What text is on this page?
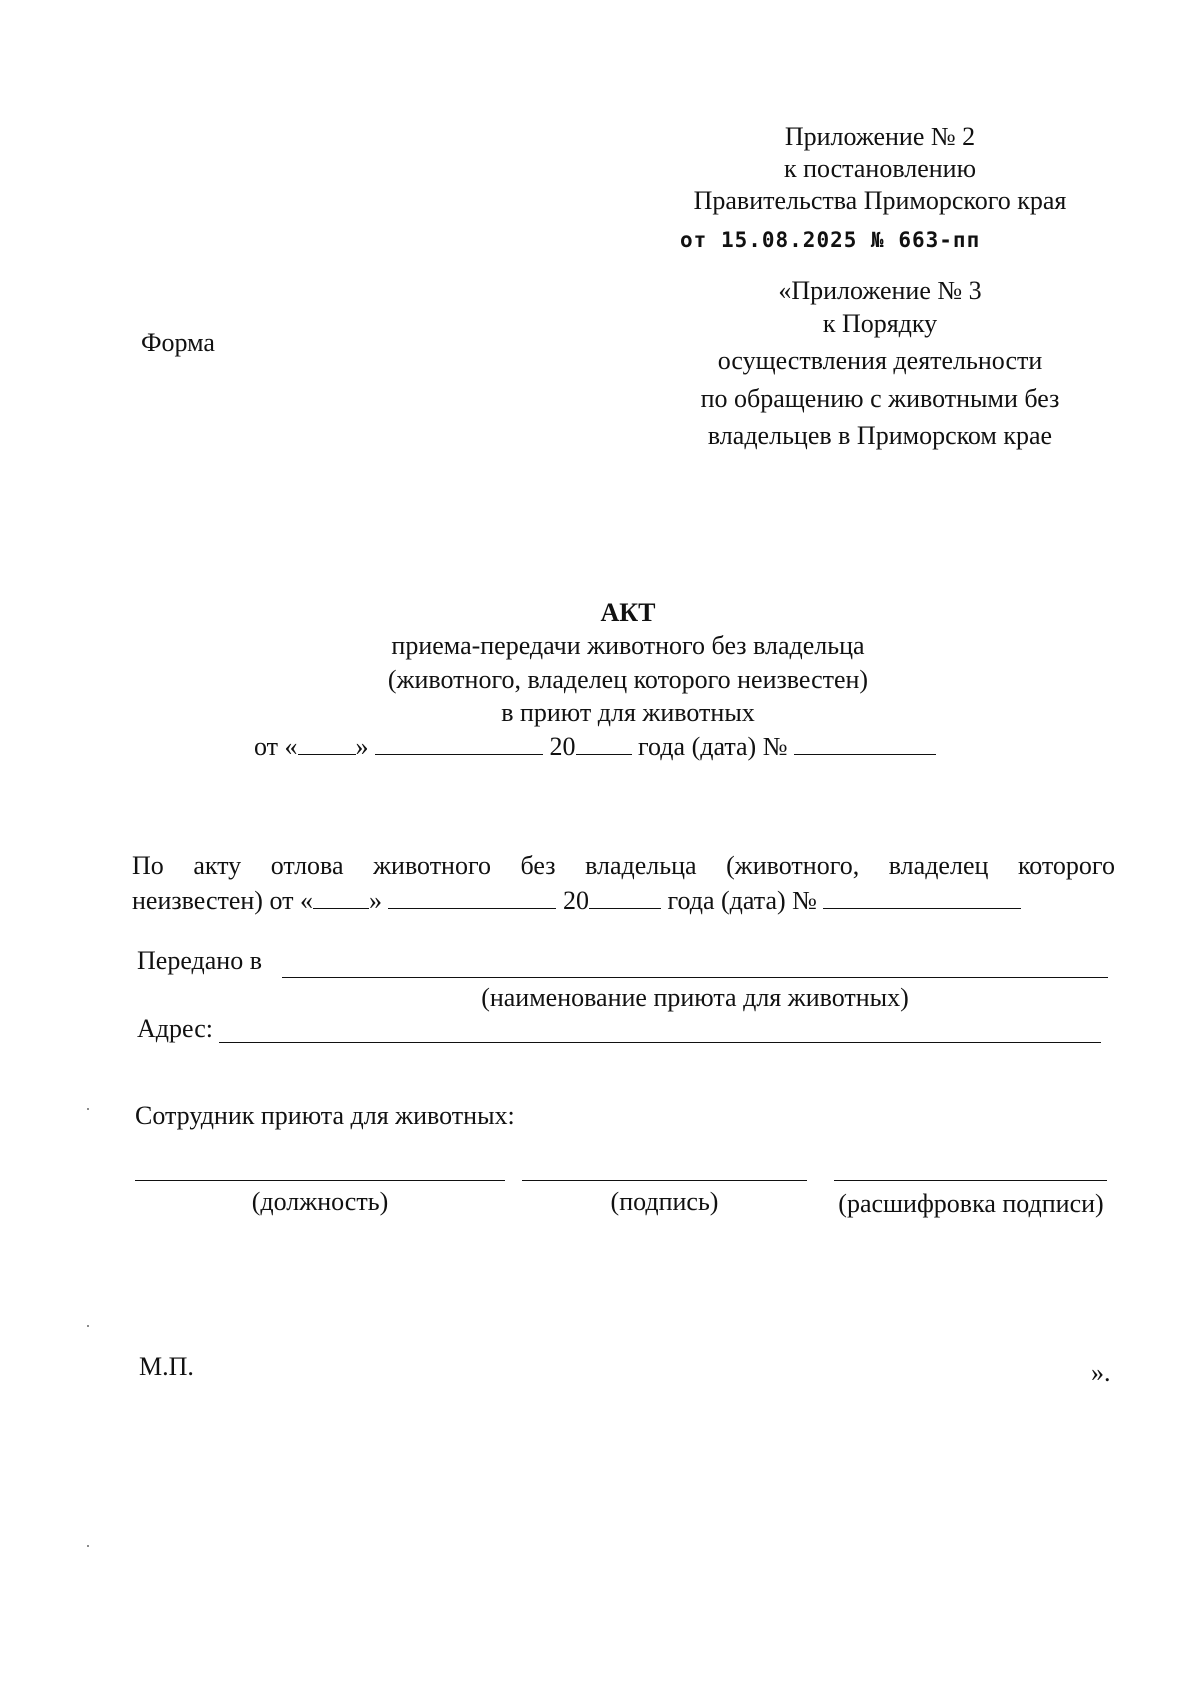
Приложение № 2
к постановлению
Правительства Приморского края
от 15.08.2025 № 663-пп
Форма
«Приложение № 3
к Порядку
осуществления деятельности
по обращению с животными без
владельцев в Приморском крае
АКТ
приема-передачи животного без владельца
(животного, владелец которого неизвестен)
в приют для животных
от « »	20 года (дата) №
По акту отлова животного без владельца (животного, владелец которого
неизвестен) от « »	20	года (дата) №
Передано в
(наименование приюта для животных)
Адрес:
Сотрудник приюта для животных:
(должность)	(подпись)	(расшифровка подписи)
М.П.	».
